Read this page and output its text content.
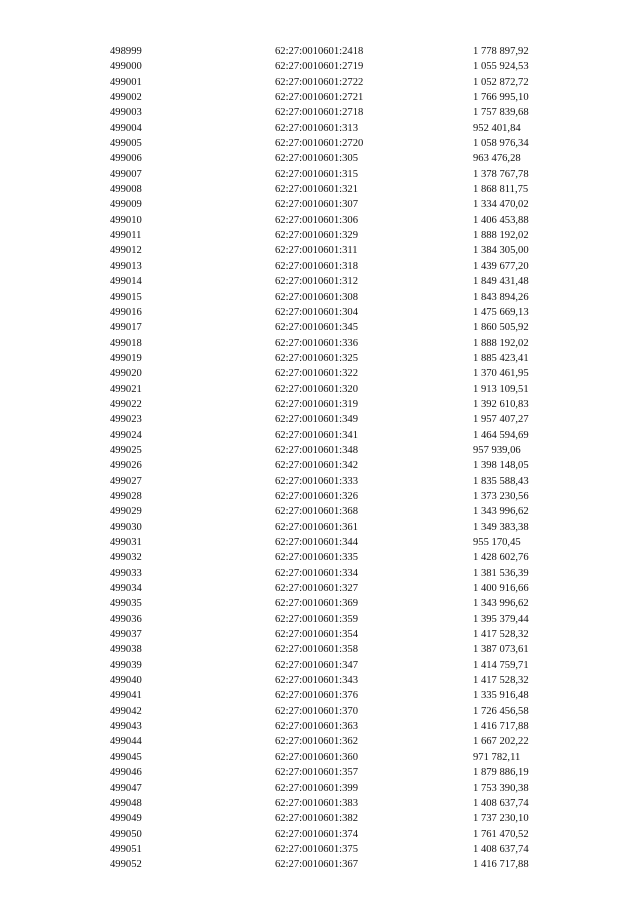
498999	62:27:0010601:2418	1 778 897,92
499000	62:27:0010601:2719	1 055 924,53
499001	62:27:0010601:2722	1 052 872,72
499002	62:27:0010601:2721	1 766 995,10
499003	62:27:0010601:2718	1 757 839,68
499004	62:27:0010601:313	952 401,84
499005	62:27:0010601:2720	1 058 976,34
499006	62:27:0010601:305	963 476,28
499007	62:27:0010601:315	1 378 767,78
499008	62:27:0010601:321	1 868 811,75
499009	62:27:0010601:307	1 334 470,02
499010	62:27:0010601:306	1 406 453,88
499011	62:27:0010601:329	1 888 192,02
499012	62:27:0010601:311	1 384 305,00
499013	62:27:0010601:318	1 439 677,20
499014	62:27:0010601:312	1 849 431,48
499015	62:27:0010601:308	1 843 894,26
499016	62:27:0010601:304	1 475 669,13
499017	62:27:0010601:345	1 860 505,92
499018	62:27:0010601:336	1 888 192,02
499019	62:27:0010601:325	1 885 423,41
499020	62:27:0010601:322	1 370 461,95
499021	62:27:0010601:320	1 913 109,51
499022	62:27:0010601:319	1 392 610,83
499023	62:27:0010601:349	1 957 407,27
499024	62:27:0010601:341	1 464 594,69
499025	62:27:0010601:348	957 939,06
499026	62:27:0010601:342	1 398 148,05
499027	62:27:0010601:333	1 835 588,43
499028	62:27:0010601:326	1 373 230,56
499029	62:27:0010601:368	1 343 996,62
499030	62:27:0010601:361	1 349 383,38
499031	62:27:0010601:344	955 170,45
499032	62:27:0010601:335	1 428 602,76
499033	62:27:0010601:334	1 381 536,39
499034	62:27:0010601:327	1 400 916,66
499035	62:27:0010601:369	1 343 996,62
499036	62:27:0010601:359	1 395 379,44
499037	62:27:0010601:354	1 417 528,32
499038	62:27:0010601:358	1 387 073,61
499039	62:27:0010601:347	1 414 759,71
499040	62:27:0010601:343	1 417 528,32
499041	62:27:0010601:376	1 335 916,48
499042	62:27:0010601:370	1 726 456,58
499043	62:27:0010601:363	1 416 717,88
499044	62:27:0010601:362	1 667 202,22
499045	62:27:0010601:360	971 782,11
499046	62:27:0010601:357	1 879 886,19
499047	62:27:0010601:399	1 753 390,38
499048	62:27:0010601:383	1 408 637,74
499049	62:27:0010601:382	1 737 230,10
499050	62:27:0010601:374	1 761 470,52
499051	62:27:0010601:375	1 408 637,74
499052	62:27:0010601:367	1 416 717,88
